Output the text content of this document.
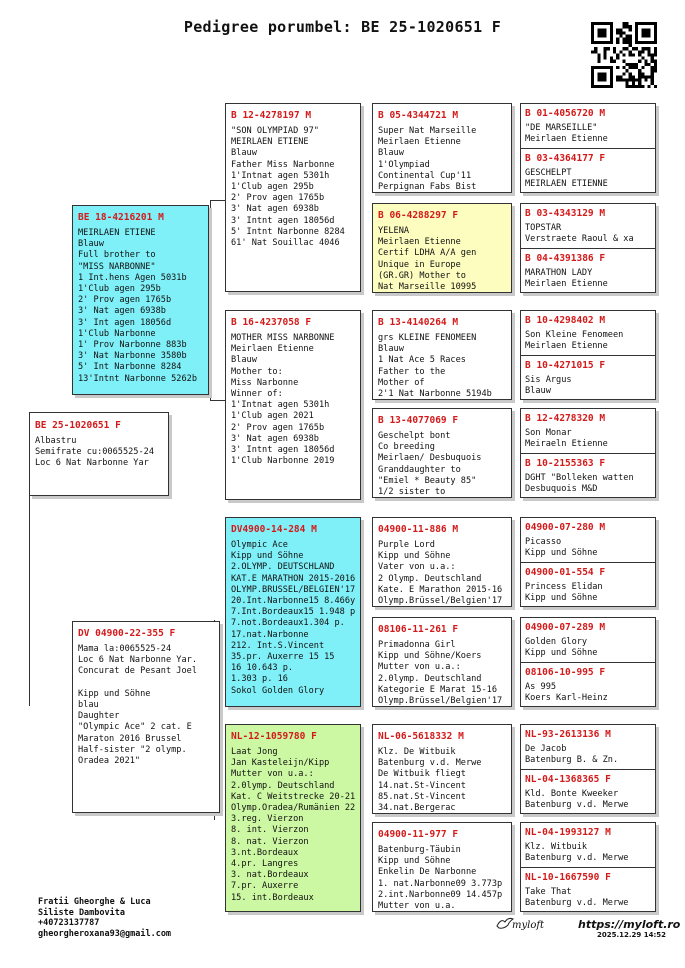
Pedigree porumbel: BE 25-1020651 F
BE 25-1020651 F
Albastru
Semifrate cu:0065525-24
Loc 6 Nat Narbonne Yar
BE 18-4216201 M
MEIRLAEN ETIENE
Blauw
Full brother to
"MISS NARBONNE"
1 Int.hens Agen 5031b
1'Club agen 295b
2' Prov agen 1765b
3' Nat agen 6938b
3' Int agen 18056d
1'Club Narbonne
1' Prov Narbonne 883b
3' Nat Narbonne 3580b
5' Int Narbonne 8284
13'Intnt Narbonne 5262b
DV 04900-22-355 F
Mama la:0065525-24
Loc 6 Nat Narbonne Yar.
Concurat de Pesant Joel

Kipp und Söhne
blau
Daughter
"Olympic Ace" 2 cat. E
Maraton 2016 Brussel
Half-sister "2 olymp.
Oradea 2021"
B 12-4278197 M
"SON OLYMPIAD 97"
MEIRLAEN ETIENE
Blauw
Father Miss Narbonne
1'Intnat agen 5301h
1'Club agen 295b
2' Prov agen 1765b
3' Nat agen 6938b
3' Intnt agen 18056d
5' Intnt Narbonne 8284
61' Nat Souillac 4046
B 16-4237058 F
MOTHER MISS NARBONNE
Meirlaen Etienne
Blauw
Mother to:
Miss Narbonne
Winner of:
1'Intnat agen 5301h
1'Club agen 2021
2' Prov agen 1765b
3' Nat agen 6938b
3' Intnt agen 18056d
1'Club Narbonne 2019
DV4900-14-284 M
Olympic Ace
Kipp und Söhne
2.OLYMP. DEUTSCHLAND
KAT.E MARATHON 2015-2016
OLYMP.BRUSSEL/BELGIEN'17
20.Int.Narbonne15 8.466y
7.Int.Bordeaux15 1.948 p
7.not.Bordeaux1.304 p.
17.nat.Narbonne
212. Int.S.Vincent
35.pr. Auxerre 15 15
16 10.643 p.
1.303 p. 16
Sokol Golden Glory
NL-12-1059780 F
Laat Jong
Jan Kasteleijn/Kipp
Mutter von u.a.:
2.0lymp. Deutschland
Kat. C Weitstrecke 20-21
Olymp.Oradea/Rumänien 22
3.reg. Vierzon
8. int. Vierzon
8. nat. Vierzon
3.nt.Bordeaux
4.pr. Langres
3. nat.Bordeaux
7.pr. Auxerre
15. int.Bordeaux
B 05-4344721 M
Super Nat Marseille
Meirlaen Etienne
Blauw
1'Olympiad
Continental Cup'11
Perpignan Fabs Bist
B 06-4288297 F
YELENA
Meirlaen Etienne
Certif LDHA A/A gen
Unique in Europe
(GR.GR) Mother to
Nat Marseille 10995
B 13-4140264 M
grs KLEINE FENOMEEN
Blauw
1 Nat Ace 5 Races
Father to the
Mother of
2'1 Nat Narbonne 5194b
B 13-4077069 F
Geschelpt bont
Co breeding
Meirlaen/ Desbuquois
Granddaughter to
"Emiel * Beauty 85"
1/2 sister to
04900-11-886 M
Purple Lord
Kipp und Söhne
Vater von u.a.:
2 Olymp. Deutschland
Kate. E Marathon 2015-16
Olymp.Brüssel/Belgien'17
08106-11-261 F
Primadonna Girl
Kipp und Söhne/Koers
Mutter von u.a.:
2.0lymp. Deutschland
Kategorie E Marat 15-16
Olymp.Brüssel/Belgien'17
NL-06-5618332 M
Klz. De Witbuik
Batenburg v.d. Merwe
De Witbuik fliegt
14.nat.St-Vincent
85.nat.St-Vincent
34.nat.Bergerac
04900-11-977 F
Batenburg-Täubin
Kipp und Söhne
Enkelin De Narbonne
1. nat.Narbonne09 3.773p
2.int.Narbonne09 14.457p
Mutter von u.a.
B 01-4056720 M
"DE MARSEILLE"
Meirlaen Etienne
B 03-4364177 F
GESCHELPT
MEIRLAEN ETIENNE
B 03-4343129 M
TOPSTAR
Verstraete Raoul & xa
B 04-4391386 F
MARATHON LADY
Meirlaen Etienne
B 10-4298402 M
Son Kleine Fenomeen
Meirlaen Etienne
B 10-4271015 F
Sis Argus
Blauw
B 12-4278320 M
Son Monar
Meiraeln Etienne
B 10-2155363 F
DGHT "Bolleken watten
Desbuquois M&D
04900-07-280 M
Picasso
Kipp und Söhne
04900-01-554 F
Princess Elidan
Kipp und Söhne
04900-07-289 M
Golden Glory
Kipp und Söhne
08106-10-995 F
As 995
Koers Karl-Heinz
NL-93-2613136 M
De Jacob
Batenburg B. & Zn.
NL-04-1368365 F
Kld. Bonte Kweeker
Batenburg v.d. Merwe
NL-04-1993127 M
Klz. Witbuik
Batenburg v.d. Merwe
NL-10-1667590 F
Take That
Batenburg v.d. Merwe
Fratii Gheorghe & Luca
Siliste Dambovita
+40723137787
gheorgheroxana93@gmail.com
myloft	https://myloft.ro
2025.12.29 14:52
